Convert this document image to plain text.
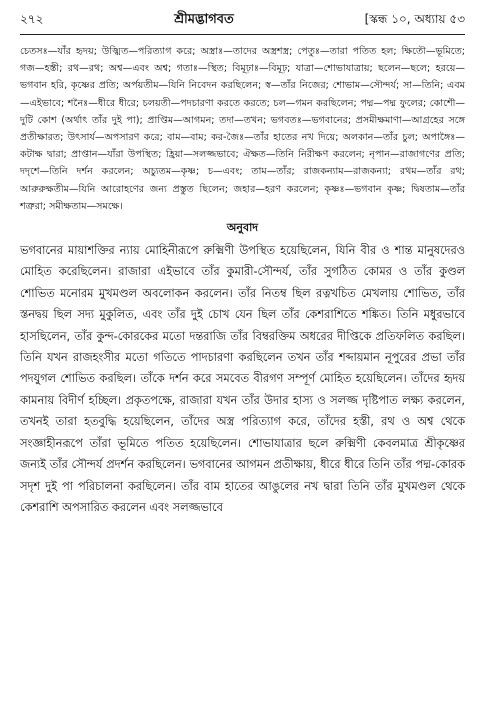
২৭২	শ্রীমদ্ভাগবত	[স্কন্ধ ১০, অধ্যায় ৫৩

চেতসঃ—যাঁর হৃদয়; উজ্ঝিত—পরিত্যাগ করে; অস্ত্রাঃ—তাদের অস্ত্রশস্ত্র; পেতুঃ—তারা পতিত হল; ক্ষিতৌ—ভূমিতে; গজ—হস্তী; রথ—রথ; অশ্ব—এবং অশ্ব; গতাঃ—স্থিত; বিমূঢ়াঃ—বিমূঢ়; যাত্রা—শোভাযাত্রায়; ছলেন—ছলে; হরয়ে—ভগবান হরি, কৃষ্ণের প্রতি; অর্পয়তীম—যিনি নিবেদন করছিলেন; স্ব—তাঁর নিজের; শোভাম—সৌন্দর্য; সা—তিনি; এবম—এইভাবে; শনৈঃ—ধীরে ধীরে; চলয়তী—পদচারণা করতে করতে; চল—গমন করছিলেন; পদ্ম—পদ্ম ফুলের; কোশৌ—দুটি কোশ (অর্থাৎ তাঁর দুই পা); প্রাপ্তিম—আগমন; তদা—তখন; ভগবতঃ—ভগবানের; প্রসমীক্ষমাণা—আগ্রহের সঙ্গে প্রতীক্ষারত; উৎসার্য—অপসারণ করে; বাম—বাম; কর-জৈঃ—তাঁর হাতের নখ দিয়ে; অলকান—তাঁর চুল; অপাঙ্গৈঃ—কটাক্ষ দ্বারা; প্রাপ্তান—যাঁরা উপস্থিত; হ্রিয়া—সলজ্জভাবে; ঐক্ষত—তিনি নিরীক্ষণ করলেন; নৃপান—রাজাগণের প্রতি; দদৃশে—তিনি দর্শন করলেন; অচ্যুতম—কৃষ্ণ; চ—এবং; তাম—তাঁর; রাজকন্যাম—রাজকন্যা; রথম—তাঁর রথ; আরুরুক্ষতীম—যিনি আরোহণের জন্য প্রস্তুত ছিলেন; জহার—হরণ করলেন; কৃষ্ণঃ—ভগবান কৃষ্ণ; দ্বিষতাম—তাঁর শত্রুরা; সমীক্ষতাম—সমক্ষে।

অনুবাদ

ভগবানের মায়াশক্তির ন্যায় মোহিনীরূপে রুক্মিণী উপস্থিত হয়েছিলেন, যিনি বীর ও শান্ত মানুষদেরও মোহিত করেছিলেন। রাজারা এইভাবে তাঁর কুমারী-সৌন্দর্য, তাঁর সুগঠিত কোমর ও তাঁর কুণ্ডল শোভিত মনোরম মুখমণ্ডল অবলোকন করলেন। তাঁর নিতম্ব ছিল রত্নখচিত মেখলায় শোভিত, তাঁর স্তনদ্বয় ছিল সদ্য মুকুলিত, এবং তাঁর দুই চোখ যেন ছিল তাঁর কেশরাশিতে শঙ্কিত। তিনি মধুরভাবে হাসছিলেন, তাঁর কুন্দ-কোরকের মতো দন্তরাজি তাঁর বিম্বরক্তিম অধরের দীপ্তিকে প্রতিফলিত করছিল। তিনি যখন রাজহংসীর মতো গতিতে পাদচারণা করছিলেন তখন তাঁর শব্দায়মান নূপুরের প্রভা তাঁর পদযুগল শোভিত করছিল। তাঁকে দর্শন করে সমবেত বীরগণ সম্পূর্ণ মোহিত হয়েছিলেন। তাঁদের হৃদয় কামনায় বিদীর্ণ হচ্ছিল। প্রকৃতপক্ষে, রাজারা যখন তাঁর উদার হাস্য ও সলজ্জ দৃষ্টিপাত লক্ষ্য করলেন, তখনই তারা হতবুদ্ধি হয়েছিলেন, তাঁদের অস্ত্র পরিত্যাগ করে, তাঁদের হস্তী, রথ ও অশ্ব থেকে সংজ্ঞাহীনরূপে তাঁরা ভূমিতে পতিত হয়েছিলেন। শোভাযাত্রার ছলে রুক্মিণী কেবলমাত্র শ্রীকৃষ্ণের জন্যই তাঁর সৌন্দর্য প্রদর্শন করছিলেন। ভগবানের আগমন প্রতীক্ষায়, ধীরে ধীরে তিনি তাঁর পদ্ম-কোরক সদৃশ দুই পা পরিচালনা করছিলেন। তাঁর বাম হাতের আঙুলের নখ দ্বারা তিনি তাঁর মুখমণ্ডল থেকে কেশরাশি অপসারিত করলেন এবং সলজ্জভাবে
